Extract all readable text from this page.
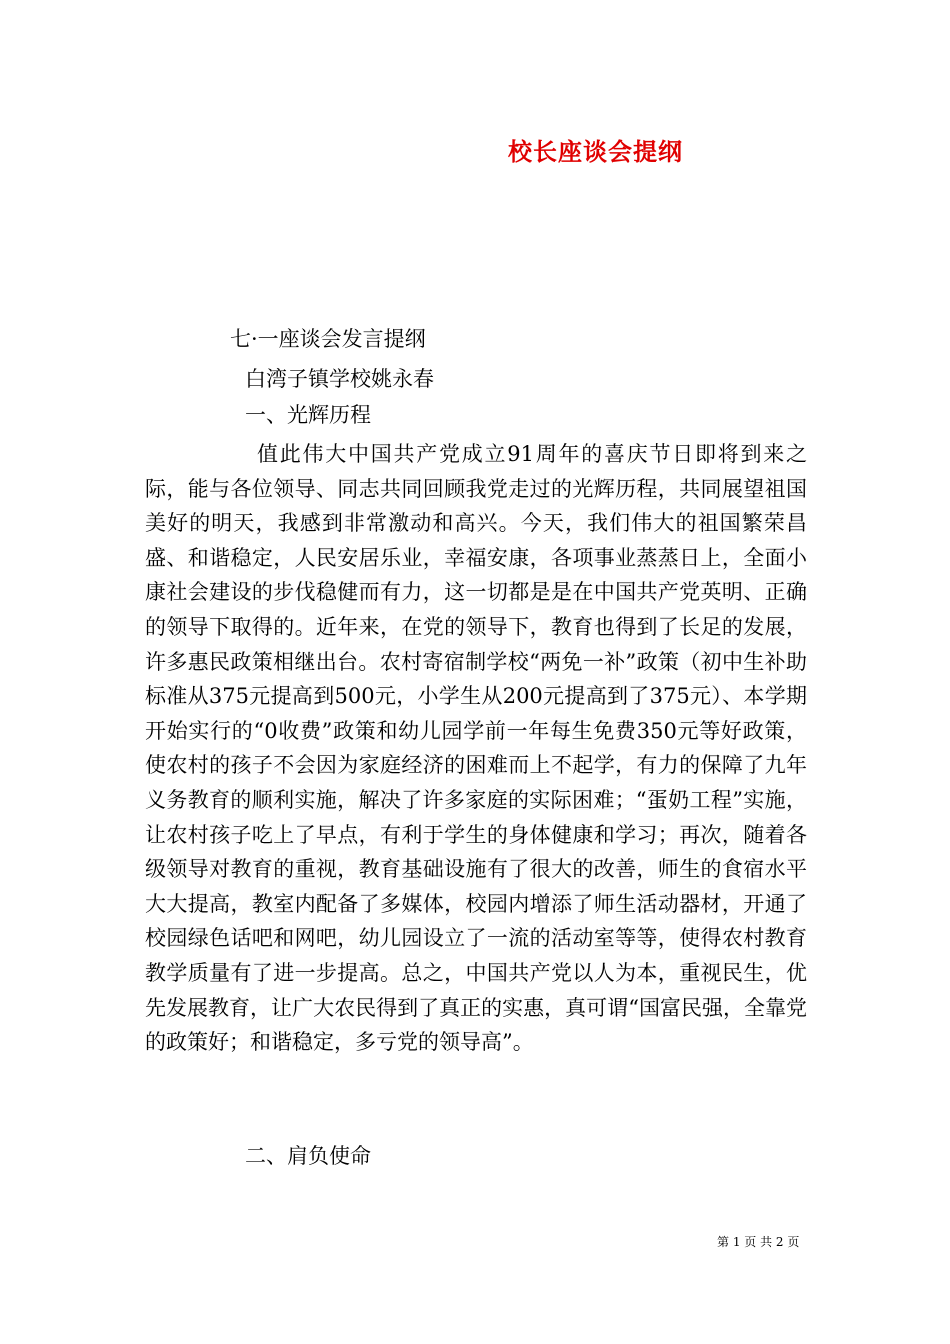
校长座谈会提纲
七·一座谈会发言提纲
白湾子镇学校姚永春
一、光辉历程
值此伟大中国共产党成立91周年的喜庆节日即将到来之际，能与各位领导、同志共同回顾我党走过的光辉历程，共同展望祖国美好的明天，我感到非常激动和高兴。今天，我们伟大的祖国繁荣昌盛、和谐稳定，人民安居乐业，幸福安康，各项事业蒸蒸日上，全面小康社会建设的步伐稳健而有力，这一切都是是在中国共产党英明、正确的领导下取得的。近年来，在党的领导下，教育也得到了长足的发展，许多惠民政策相继出台。农村寄宿制学校“两免一补”政策（初中生补助标准从375元提高到500元，小学生从200元提高到了375元）、本学期开始实行的“0收费”政策和幼儿园学前一年每生免费350元等好政策，使农村的孩子不会因为家庭经济的困难而上不起学，有力的保障了九年义务教育的顺利实施，解决了许多家庭的实际困难；“蛋奶工程”实施，让农村孩子吃上了早点，有利于学生的身体健康和学习；再次，随着各级领导对教育的重视，教育基础设施有了很大的改善，师生的食宿水平大大提高，教室内配备了多媒体，校园内增添了师生活动器材，开通了校园绿色话吧和网吧，幼儿园设立了一流的活动室等等，使得农村教育教学质量有了进一步提高。总之，中国共产党以人为本，重视民生，优先发展教育，让广大农民得到了真正的实惠，真可谓“国富民强，全靠党的政策好；和谐稳定，多亏党的领导高”。
二、肩负使命
第 1 页 共 2 页
